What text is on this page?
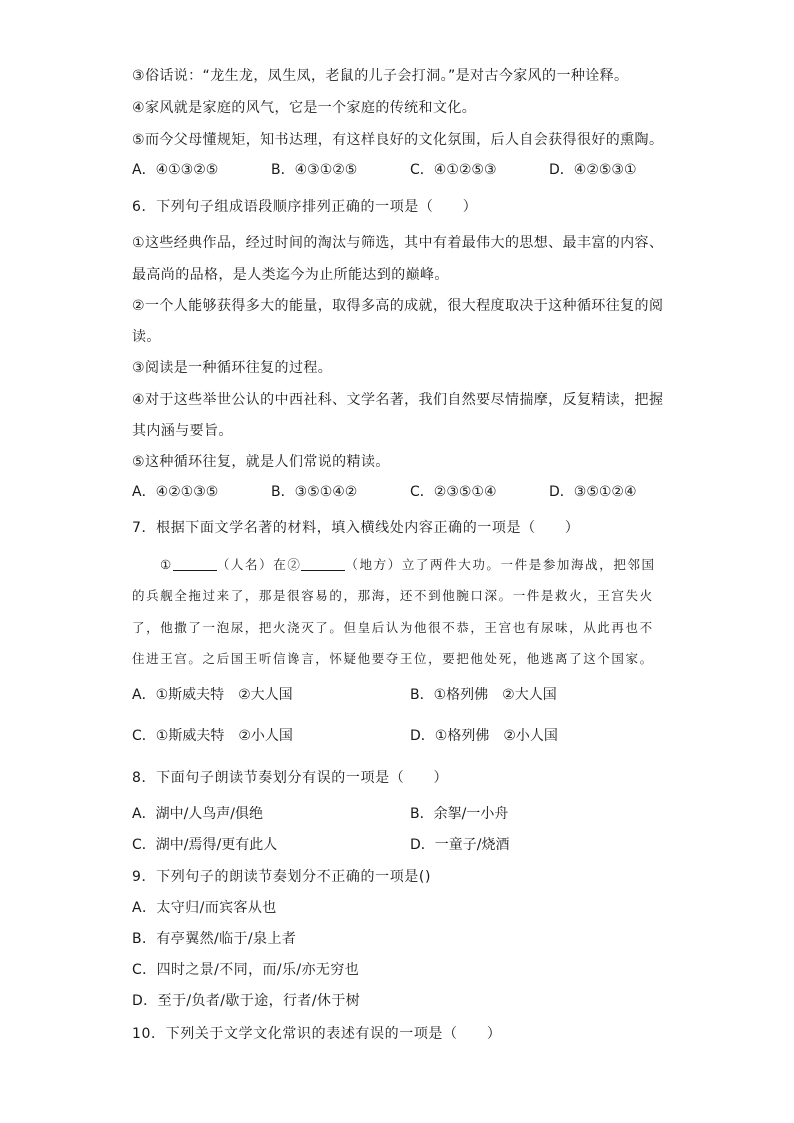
③俗话说：“龙生龙，凤生凤，老鼠的儿子会打洞。”是对古今家风的一种诠释。
④家风就是家庭的风气，它是一个家庭的传统和文化。
⑤而今父母懂规矩，知书达理，有这样良好的文化氛围，后人自会获得很好的熏陶。
A．④①③②⑤	B．④③①②⑤	C．④①②⑤③	D．④②⑤③①
6．下列句子组成语段顺序排列正确的一项是（　　）
①这些经典作品，经过时间的淘汰与筛选，其中有着最伟大的思想、最丰富的内容、
最高尚的品格，是人类迄今为止所能达到的巅峰。
②一个人能够获得多大的能量，取得多高的成就，很大程度取决于这种循环往复的阅
读。
③阅读是一种循环往复的过程。
④对于这些举世公认的中西社科、文学名著，我们自然要尽情揣摩，反复精读，把握
其内涵与要旨。
⑤这种循环往复，就是人们常说的精读。
A．④②①③⑤	B．③⑤①④②	C．②③⑤①④	D．③⑤①②④
7．根据下面文学名著的材料，填入横线处内容正确的一项是（　　）
①	（人名）在②	（地方）立了两件大功。一件是参加海战，把邻国
的兵舰全拖过来了，那是很容易的，那海，还不到他腕口深。一件是救火，王宫失火
了，他撒了一泡尿，把火浇灭了。但皇后认为他很不恭，王宫也有尿味，从此再也不
住进王宫。之后国王听信谗言，怀疑他要夺王位，要把他处死，他逃离了这个国家。
A．①斯威夫特　②大人国	B．①格列佛　②大人国
C．①斯威夫特　②小人国	D．①格列佛　②小人国
8．下面句子朗读节奏划分有误的一项是（　　）
A．湖中/人鸟声/俱绝	B．余挐/一小舟
C．湖中/焉得/更有此人	D．一童子/烧酒
9．下列句子的朗读节奏划分不正确的一项是()
A．太守归/而宾客从也
B．有亭翼然/临于/泉上者
C．四时之景/不同，而/乐/亦无穷也
D．至于/负者/歇于途，行者/休于树
10．下列关于文学文化常识的表述有误的一项是（　　）
